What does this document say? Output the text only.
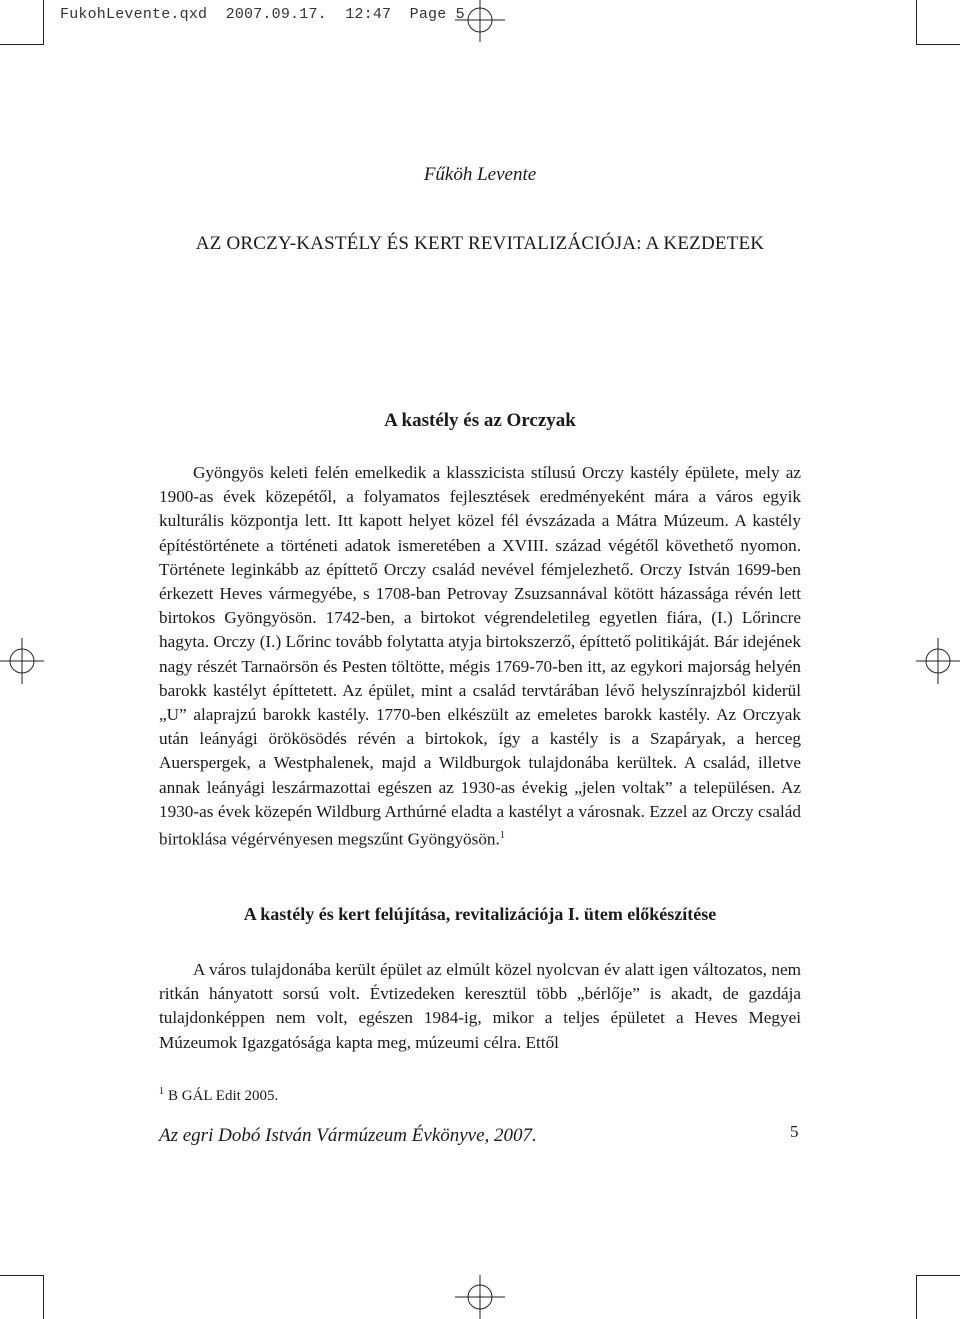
FukohLevente.qxd  2007.09.17.  12:47  Page 5
Fűköh Levente
AZ ORCZY-KASTÉLY ÉS KERT REVITALIZÁCIÓJA: A KEZDETEK
A kastély és az Orczyak
Gyöngyös keleti felén emelkedik a klasszicista stílusú Orczy kastély épülete, mely az 1900-as évek közepétől, a folyamatos fejlesztések eredményeként mára a város egyik kulturális központja lett. Itt kapott helyet közel fél évszázada a Mátra Múzeum. A kastély építéstörténete a történeti adatok ismeretében a XVIII. század végétől követhető nyomon. Története leginkább az építtető Orczy család nevével fémjelezhető. Orczy István 1699-ben érkezett Heves vármegyébe, s 1708-ban Petrovay Zsuzsannával kötött házassága révén lett birtokos Gyöngyösön. 1742-ben, a birtokot végrendeletileg egyetlen fiára, (I.) Lőrincre hagyta. Orczy (I.) Lőrinc tovább folytatta atyja birtokszerző, építtető politikáját. Bár idejének nagy részét Tarnaörsön és Pesten töltötte, mégis 1769-70-ben itt, az egykori majorság helyén barokk kastélyt építtetett. Az épület, mint a család tervtárában lévő helyszínrajzból kiderül „U” alaprajzú barokk kastély. 1770-ben elkészült az emeletes barokk kastély. Az Orczyak után leányági örökösödés révén a birtokok, így a kastély is a Szapáryak, a herceg Auerspergek, a Westphalenek, majd a Wildburgok tulajdonába kerültek. A család, illetve annak leányági leszármazottai egészen az 1930-as évekig „jelen voltak” a településen. Az 1930-as évek közepén Wildburg Arthúrné eladta a kastélyt a városnak. Ezzel az Orczy család birtoklása végérvényesen megszűnt Gyöngyösön.$^1$
A kastély és kert felújítása, revitalizációja I. ütem előkészítése
A város tulajdonába került épület az elmúlt közel nyolcvan év alatt igen változatos, nem ritkán hányatott sorsú volt. Évtizedeken keresztül több „bérlője” is akadt, de gazdája tulajdonképpen nem volt, egészen 1984-ig, mikor a teljes épületet a Heves Megyei Múzeumok Igazgatósága kapta meg, múzeumi célra. Ettől
$^1$ B GÁL Edit 2005.
Az egri Dobó István Vármúzeum Évkönyve, 2007.	5
